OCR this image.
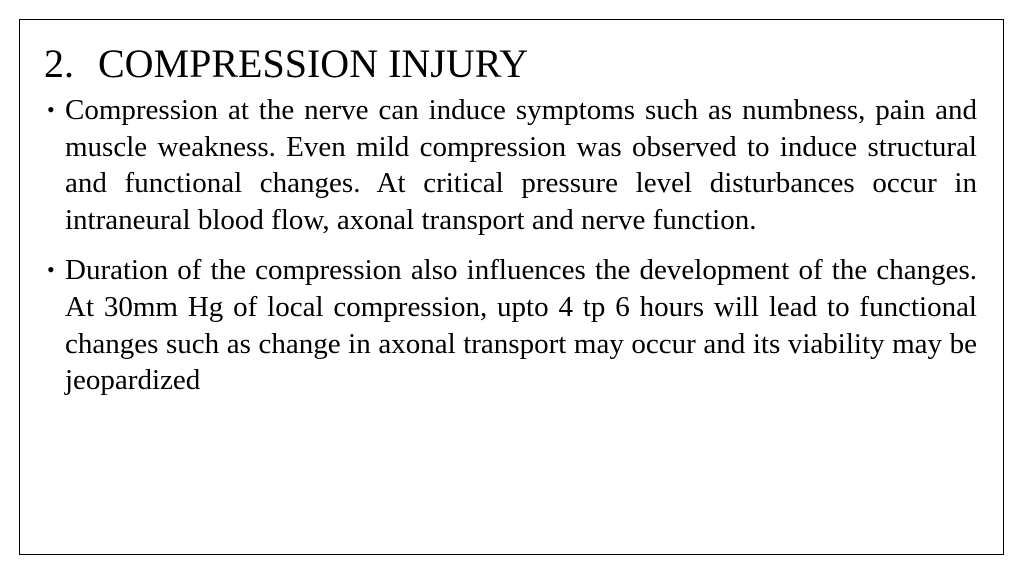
2. COMPRESSION INJURY
• Compression at the nerve can induce symptoms such as numbness, pain and muscle weakness. Even mild compression was observed to induce structural and functional changes. At critical pressure level disturbances occur in intraneural blood flow, axonal transport and nerve function.
• Duration of the compression also influences the development of the changes. At 30mm Hg of local compression, upto 4 tp 6 hours will lead to functional changes such as change in axonal transport may occur and its viability may be jeopardized
